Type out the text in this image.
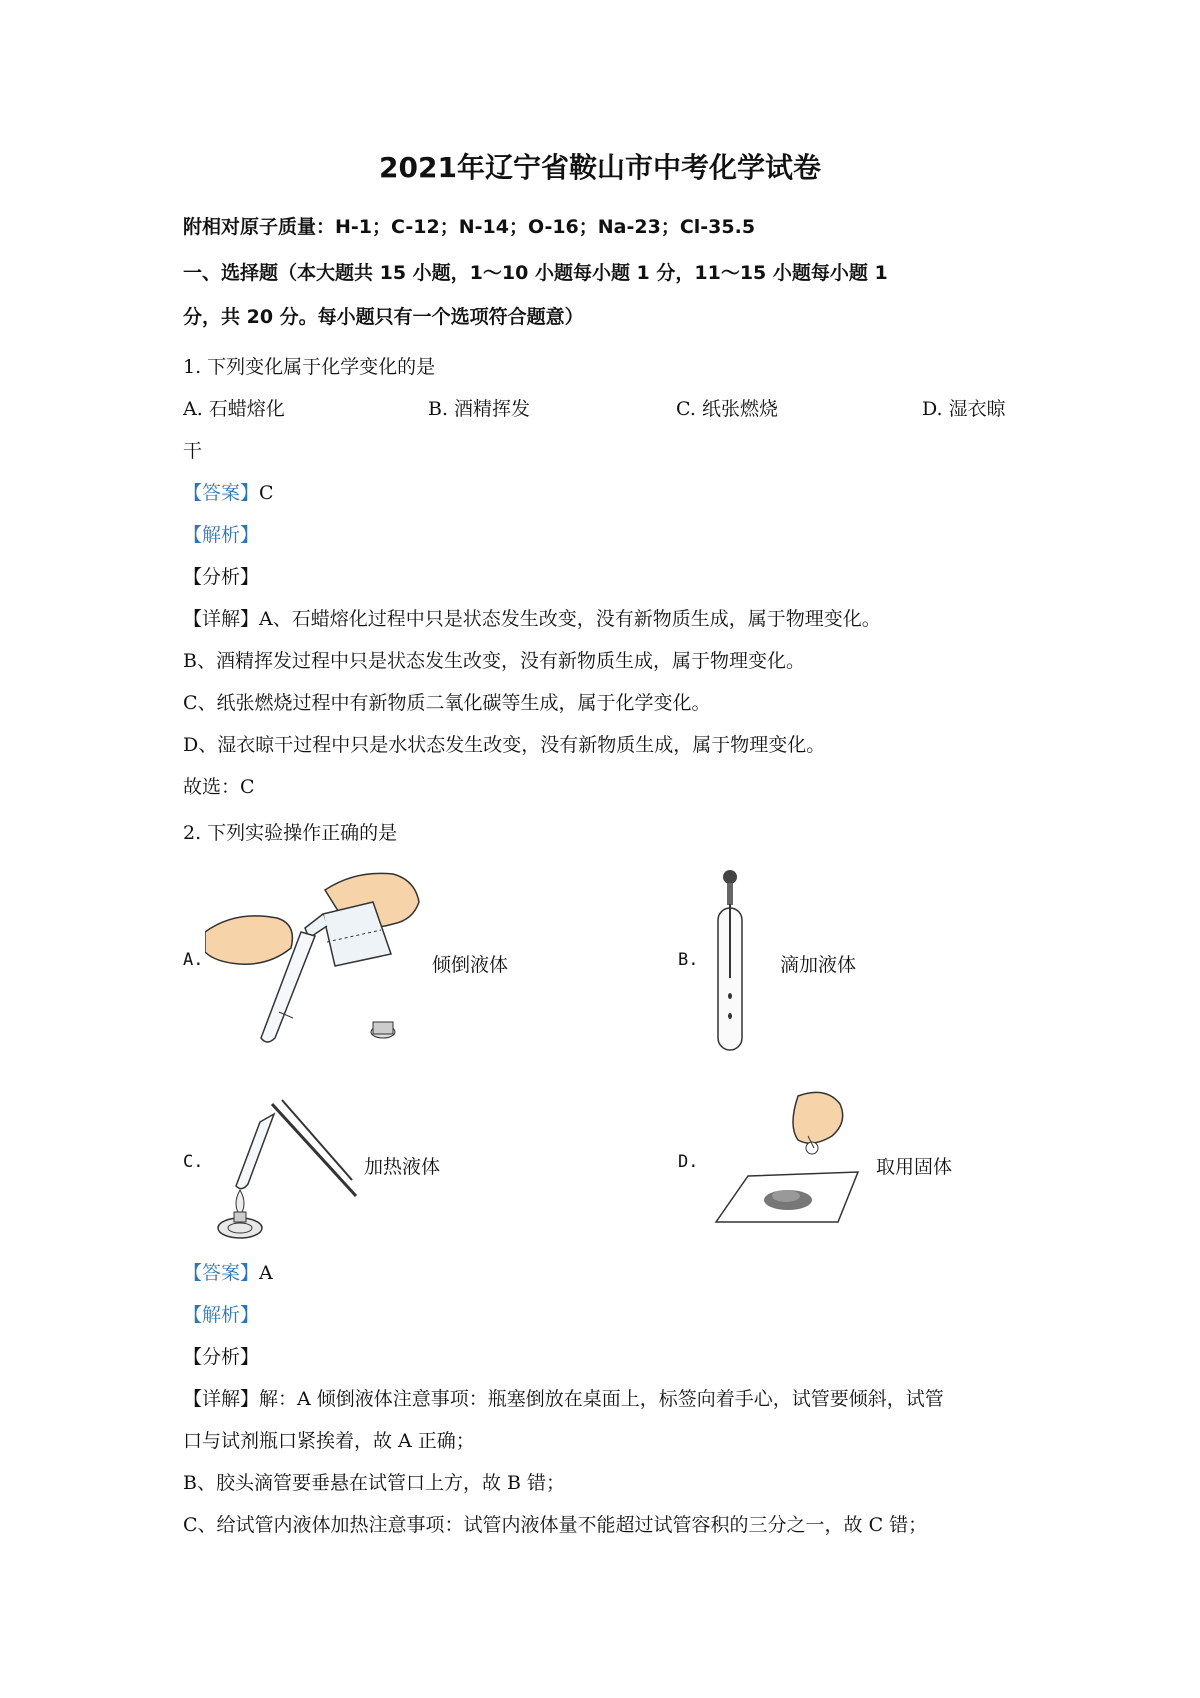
2021年辽宁省鞍山市中考化学试卷
附相对原子质量：H-1；C-12；N-14；O-16；Na-23；Cl-35.5
一、选择题（本大题共 15 小题，1～10 小题每小题 1 分，11～15 小题每小题 1
分，共 20 分。每小题只有一个选项符合题意）
1. 下列变化属于化学变化的是
A. 石蜡熔化	B. 酒精挥发	C. 纸张燃烧	D. 湿衣晾
干
【答案】C
【解析】
【分析】
【详解】A、石蜡熔化过程中只是状态发生改变，没有新物质生成，属于物理变化。
B、酒精挥发过程中只是状态发生改变，没有新物质生成，属于物理变化。
C、纸张燃烧过程中有新物质二氧化碳等生成，属于化学变化。
D、湿衣晾干过程中只是水状态发生改变，没有新物质生成，属于物理变化。
故选：C
2. 下列实验操作正确的是
A.	倾倒液体	B.	滴加液体
C.	加热液体	D.	取用固体
【答案】A
【解析】
【分析】
【详解】解：A 倾倒液体注意事项：瓶塞倒放在桌面上，标签向着手心，试管要倾斜，试管
口与试剂瓶口紧挨着，故 A 正确；
B、胶头滴管要垂悬在试管口上方，故 B 错；
C、给试管内液体加热注意事项：试管内液体量不能超过试管容积的三分之一，故 C 错；
